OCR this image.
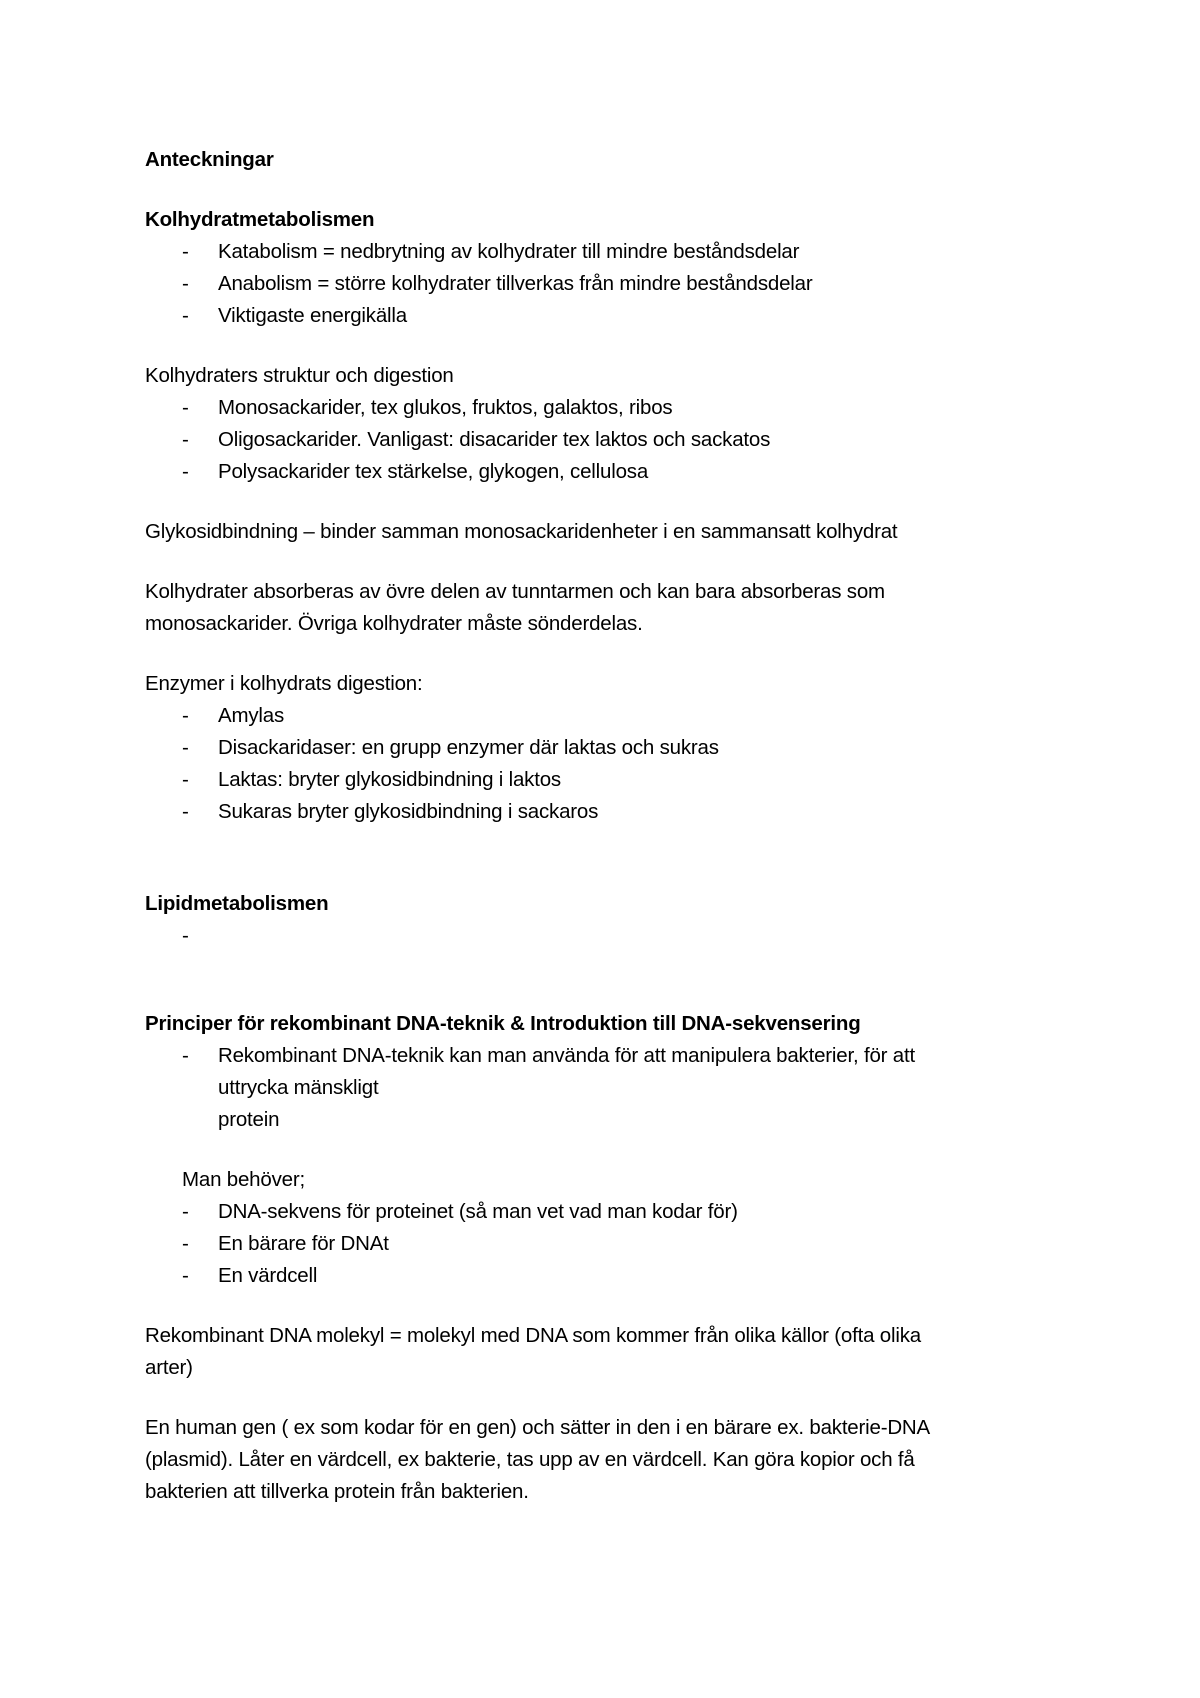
Anteckningar

Kolhydratmetabolismen

- Katabolism = nedbrytning av kolhydrater till mindre beståndsdelar
- Anabolism = större kolhydrater tillverkas från mindre beståndsdelar
- Viktigaste energikälla

Kolhydraters struktur och digestion

- Monosackarider, tex glukos, fruktos, galaktos, ribos
- Oligosackarider. Vanligast: disacarider tex laktos och sackatos
- Polysackarider tex stärkelse, glykogen, cellulosa

Glykosidbindning – binder samman monosackaridenheter i en sammansatt kolhydrat

Kolhydrater absorberas av övre delen av tunntarmen och kan bara absorberas som
monosackarider. Övriga kolhydrater måste sönderdelas.

Enzymer i kolhydrats digestion:

- Amylas
- Disackaridaser: en grupp enzymer där laktas och sukras
- Laktas: bryter glykosidbindning i laktos
- Sukaras bryter glykosidbindning i sackaros

Lipidmetabolismen

-

Principer för rekombinant DNA-teknik & Introduktion till DNA-sekvensering

- Rekombinant DNA-teknik kan man använda för att manipulera bakterier, för att
uttrycka mänskligt
protein

Man behöver;

- DNA-sekvens för proteinet (så man vet vad man kodar för)
- En bärare för DNAt
- En värdcell

Rekombinant DNA molekyl = molekyl med DNA som kommer från olika källor (ofta olika
arter)

En human gen ( ex som kodar för en gen) och sätter in den i en bärare ex. bakterie-DNA
(plasmid). Låter en värdcell, ex bakterie, tas upp av en värdcell. Kan göra kopior och få
bakterien att tillverka protein från bakterien.
